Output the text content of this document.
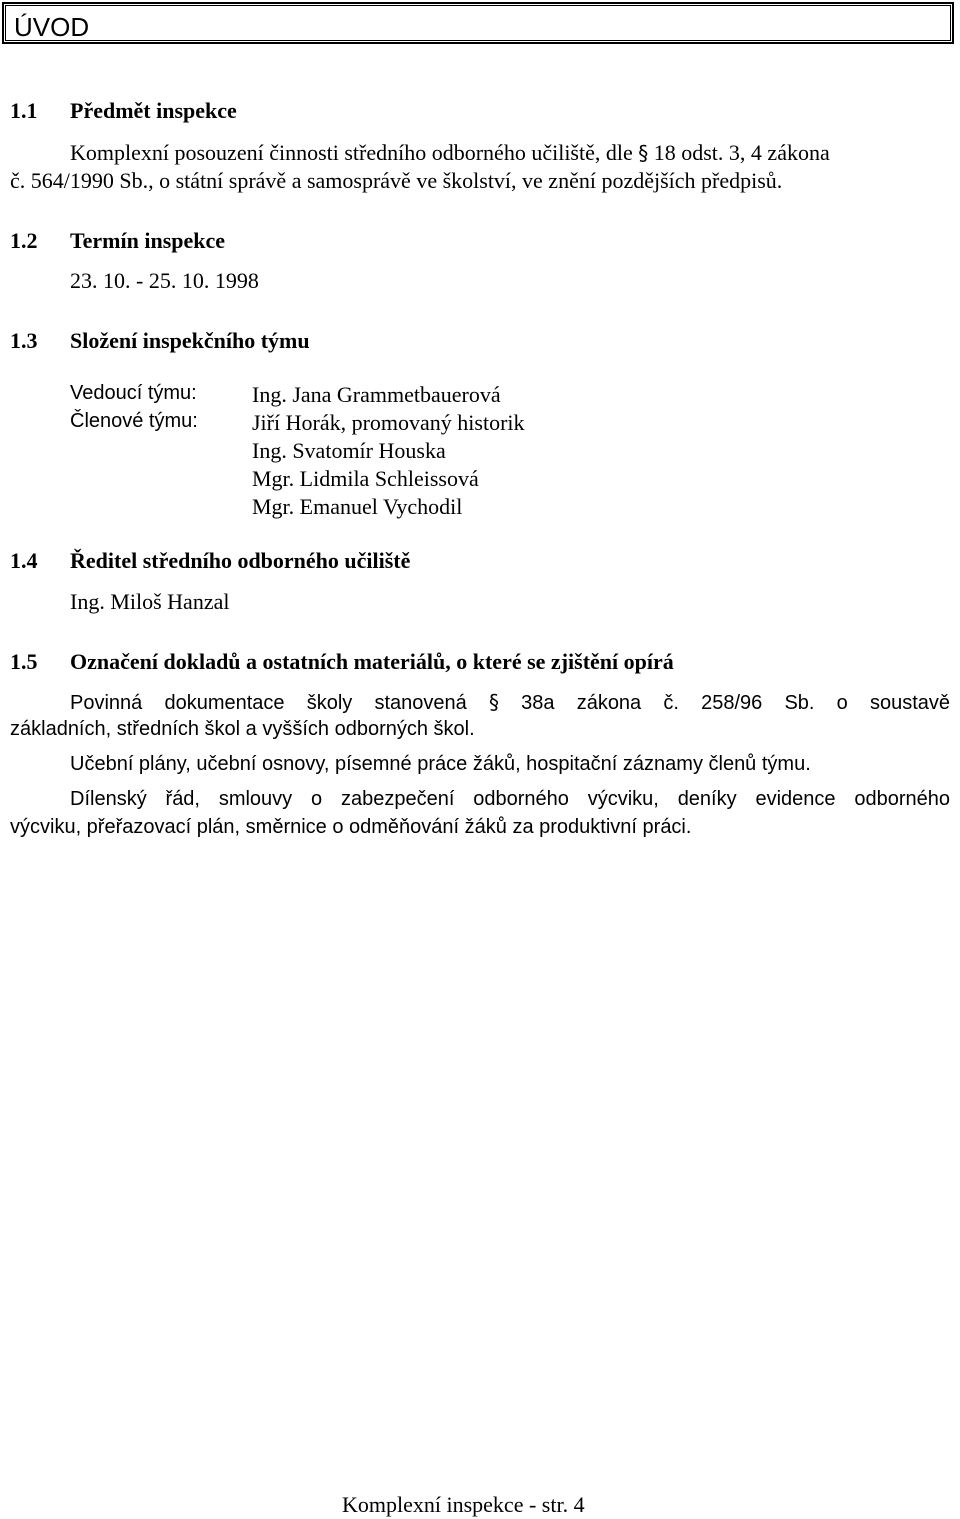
ÚVOD
1.1 Předmět inspekce
Komplexní posouzení činnosti středního odborného učiliště, dle § 18 odst. 3, 4 zákona
č. 564/1990 Sb., o státní správě a samosprávě ve školství, ve znění pozdějších předpisů.
1.2 Termín inspekce
23. 10. - 25. 10. 1998
1.3 Složení inspekčního týmu
Vedoucí týmu:
Členové týmu:
Ing. Jana Grammetbauerová
Jiří Horák, promovaný historik
Ing. Svatomír Houska
Mgr. Lidmila Schleissová
Mgr. Emanuel Vychodil
1.4 Ředitel středního odborného učiliště
Ing. Miloš Hanzal
1.5 Označení dokladů a ostatních materiálů, o které se zjištění opírá
Povinná dokumentace školy stanovená § 38a zákona č. 258/96 Sb. o soustavě
základních, středních škol a vyšších odborných škol.
Učební plány, učební osnovy, písemné práce žáků, hospitační záznamy členů týmu.
Dílenský řád, smlouvy o zabezpečení odborného výcviku, deníky evidence odborného
výcviku, přeřazovací plán, směrnice o odměňování žáků za produktivní práci.
Komplexní inspekce - str. 4
